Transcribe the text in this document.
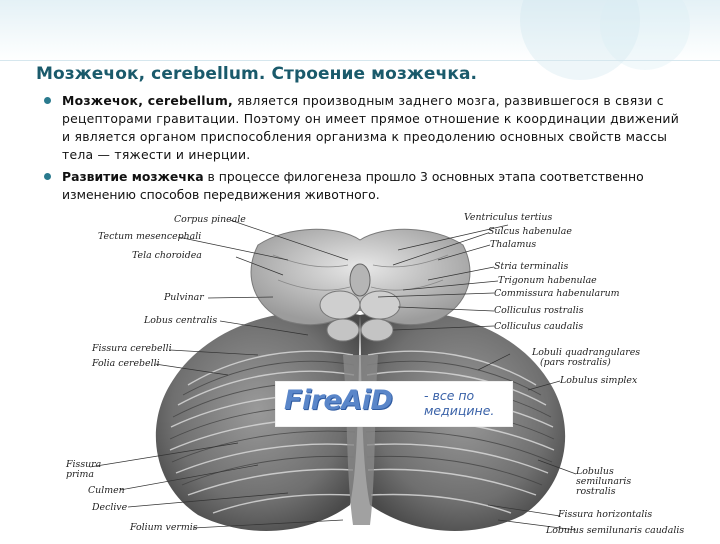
Мозжечок, cerebellum. Строение мозжечка.

Мозжечок, cerebellum, является производным заднего мозга, развившегося в связи с рецепторами гравитации. Поэтому он имеет прямое отношение к координации движений и является органом приспособления организма к преодолению основных свойств массы тела — тяжести и инерции.

Развитие мозжечка в процессе филогенеза прошло 3 основных этапа соответственно изменению способов передвижения животного.

Corpus pineale
Tectum mesencephali
Tela choroidea
Pulvinar
Lobus centralis
Fissura cerebelli
Folia cerebelli
Fissura prima
Culmen
Declive
Folium vermis
Ventriculus tertius
Sulcus habenulae
Thalamus
Stria terminalis
Trigonum habenulae
Commissura habenularum
Colliculus rostralis
Colliculus caudalis
Lobuli quadrangulares
(pars rostralis)
Lobulus simplex
Lobulus semilunaris rostralis
Fissura horizontalis
Lobulus semilunaris caudalis
FireAiD	- все по
медицине.
